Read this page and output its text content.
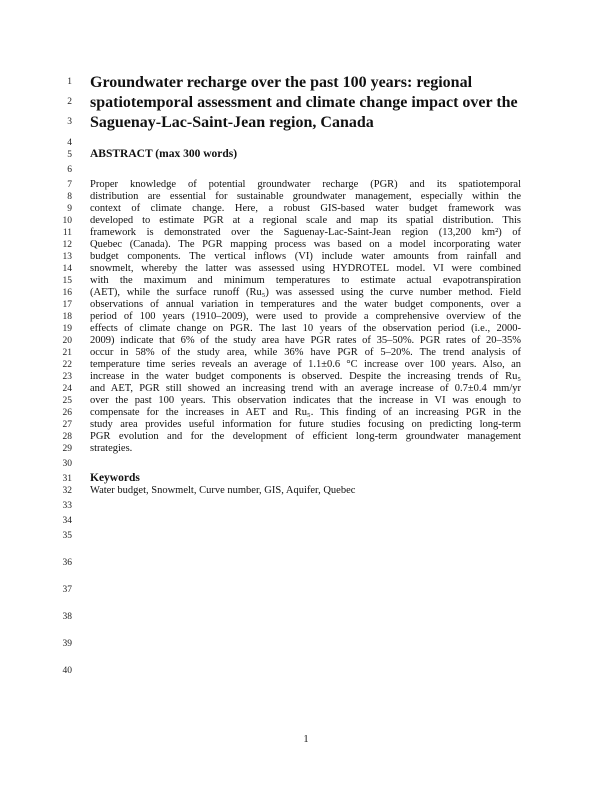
1
2
3
4
5
6
7
8
9
10
11
12
13
14
15
16
17
18
19
20
21
22
23
24
25
26
27
28
29
30
31
32
33
34
35
36
37
38
39
40
Groundwater recharge over the past 100 years: regional
spatiotemporal assessment and climate change impact over the
Saguenay-Lac-Saint-Jean region, Canada
ABSTRACT (max 300 words)
Proper knowledge of potential groundwater recharge (PGR) and its spatiotemporal
distribution are essential for sustainable groundwater management, especially within the
context of climate change. Here, a robust GIS-based water budget framework was
developed to estimate PGR at a regional scale and map its spatial distribution. This
framework is demonstrated over the Saguenay-Lac-Saint-Jean region (13,200 km²) of
Quebec (Canada). The PGR mapping process was based on a model incorporating water
budget components. The vertical inflows (VI) include water amounts from rainfall and
snowmelt, whereby the latter was assessed using HYDROTEL model. VI were combined
with the maximum and minimum temperatures to estimate actual evapotranspiration
(AET), while the surface runoff (Ru₅) was assessed using the curve number method. Field
observations of annual variation in temperatures and the water budget components, over a
period of 100 years (1910–2009), were used to provide a comprehensive overview of the
effects of climate change on PGR. The last 10 years of the observation period (i.e., 2000-
2009) indicate that 6% of the study area have PGR rates of 35–50%. PGR rates of 20–35%
occur in 58% of the study area, while 36% have PGR of 5–20%. The trend analysis of
temperature time series reveals an average of 1.1±0.6 °C increase over 100 years. Also, an
increase in the water budget components is observed. Despite the increasing trends of Ru₅
and AET, PGR still showed an increasing trend with an average increase of 0.7±0.4 mm/yr
over the past 100 years. This observation indicates that the increase in VI was enough to
compensate for the increases in AET and Ru₅. This finding of an increasing PGR in the
study area provides useful information for future studies focusing on predicting long-term
PGR evolution and for the development of efficient long-term groundwater management
strategies.
Keywords
Water budget, Snowmelt, Curve number, GIS, Aquifer, Quebec
1
